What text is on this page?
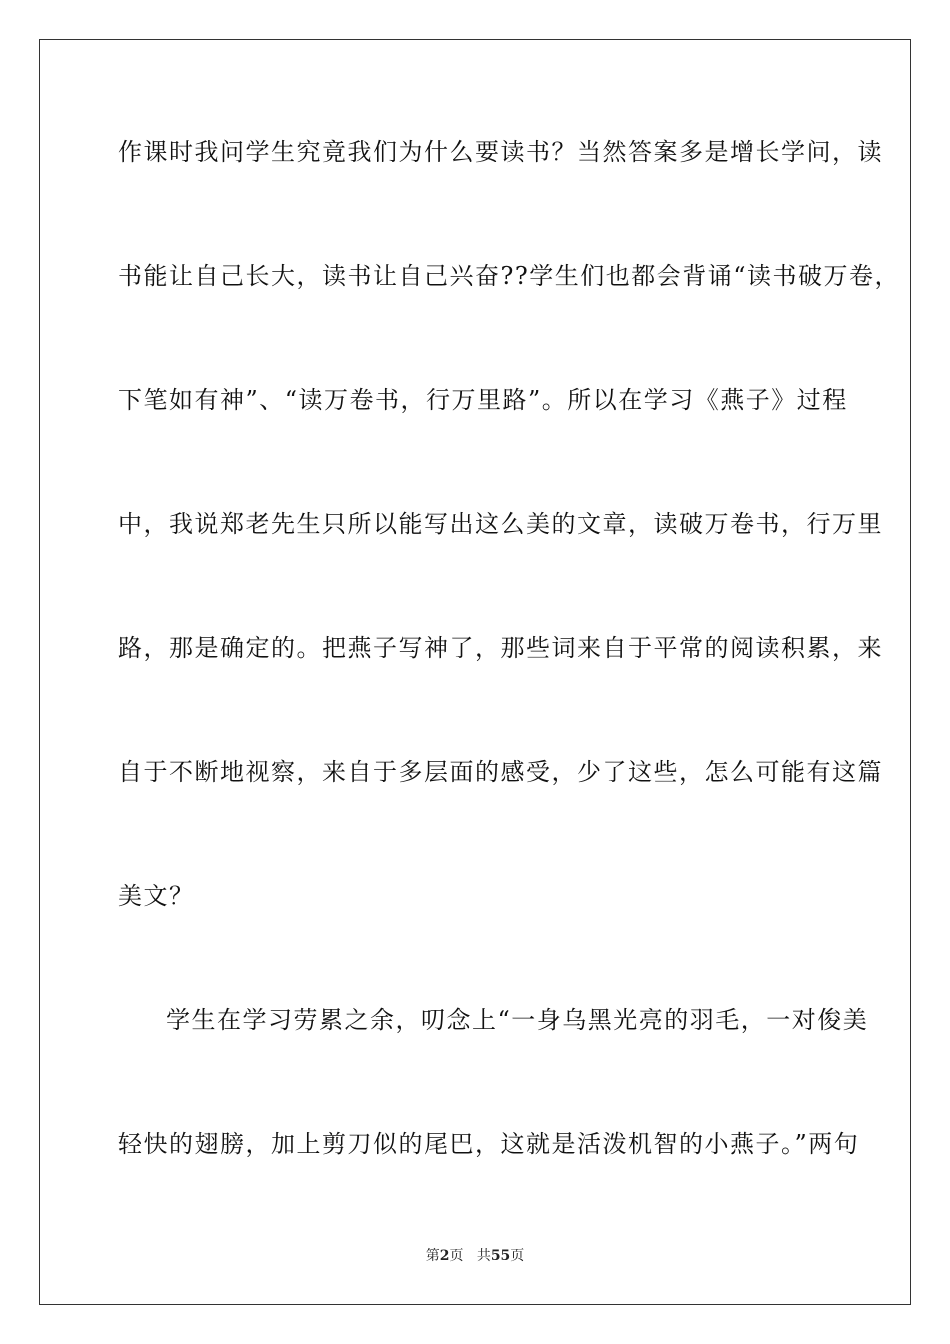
作课时我问学生究竟我们为什么要读书？当然答案多是增长学问，读
书能让自己长大，读书让自己兴奋??学生们也都会背诵“读书破万卷，
下笔如有神”、“读万卷书，行万里路”。所以在学习《燕子》过程
中，我说郑老先生只所以能写出这么美的文章，读破万卷书，行万里
路，那是确定的。把燕子写神了，那些词来自于平常的阅读积累，来
自于不断地视察，来自于多层面的感受，少了这些，怎么可能有这篇
美文？
学生在学习劳累之余，叨念上“一身乌黑光亮的羽毛，一对俊美
轻快的翅膀，加上剪刀似的尾巴，这就是活泼机智的小燕子。”两句
第2页 共55页
